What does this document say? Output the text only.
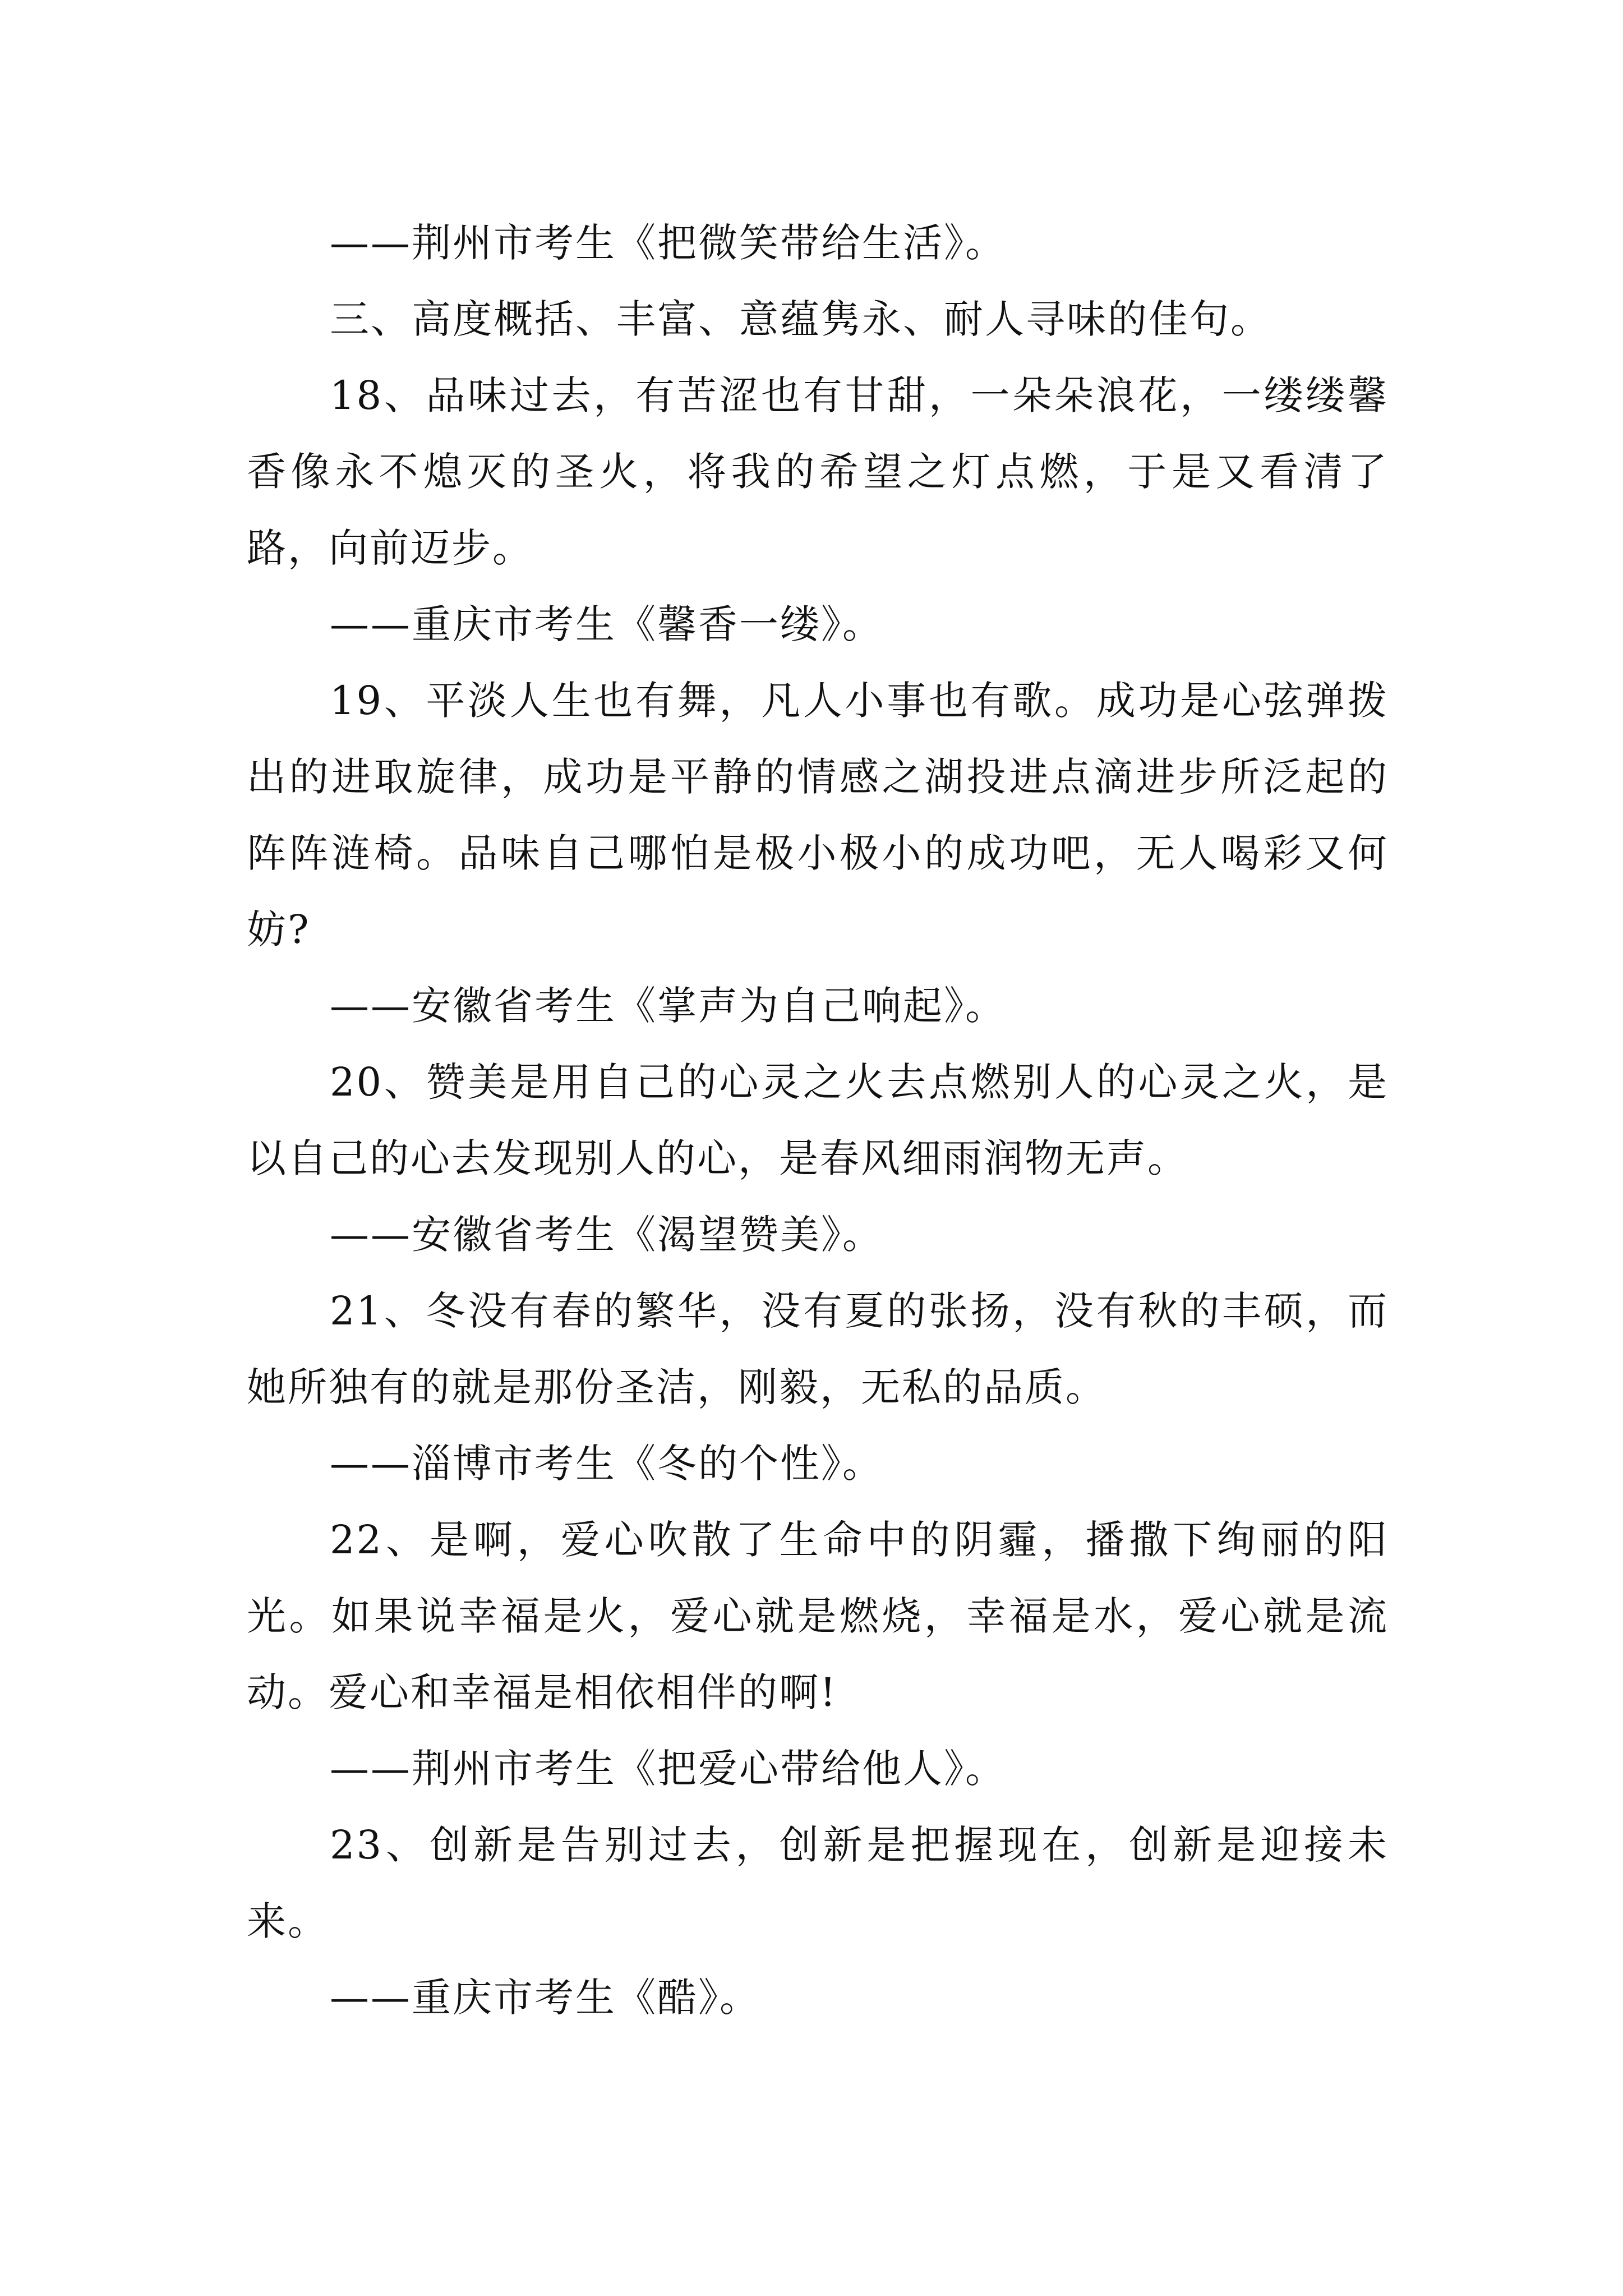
——荆州市考生《把微笑带给生活》。

三、高度概括、丰富、意蕴隽永、耐人寻味的佳句。

18、品味过去，有苦涩也有甘甜，一朵朵浪花，一缕缕馨香像永不熄灭的圣火，将我的希望之灯点燃，于是又看清了路，向前迈步。

——重庆市考生《馨香一缕》。

19、平淡人生也有舞，凡人小事也有歌。成功是心弦弹拨出的进取旋律，成功是平静的情感之湖投进点滴进步所泛起的阵阵涟椅。品味自己哪怕是极小极小的成功吧，无人喝彩又何妨?

——安徽省考生《掌声为自己响起》。

20、赞美是用自己的心灵之火去点燃别人的心灵之火，是以自己的心去发现别人的心，是春风细雨润物无声。

——安徽省考生《渴望赞美》。

21、冬没有春的繁华，没有夏的张扬，没有秋的丰硕，而她所独有的就是那份圣洁，刚毅，无私的品质。

——淄博市考生《冬的个性》。

22、是啊，爱心吹散了生命中的阴霾，播撒下绚丽的阳光。如果说幸福是火，爱心就是燃烧，幸福是水，爱心就是流动。爱心和幸福是相依相伴的啊!

——荆州市考生《把爱心带给他人》。

23、创新是告别过去，创新是把握现在，创新是迎接未来。

——重庆市考生《酷》。
